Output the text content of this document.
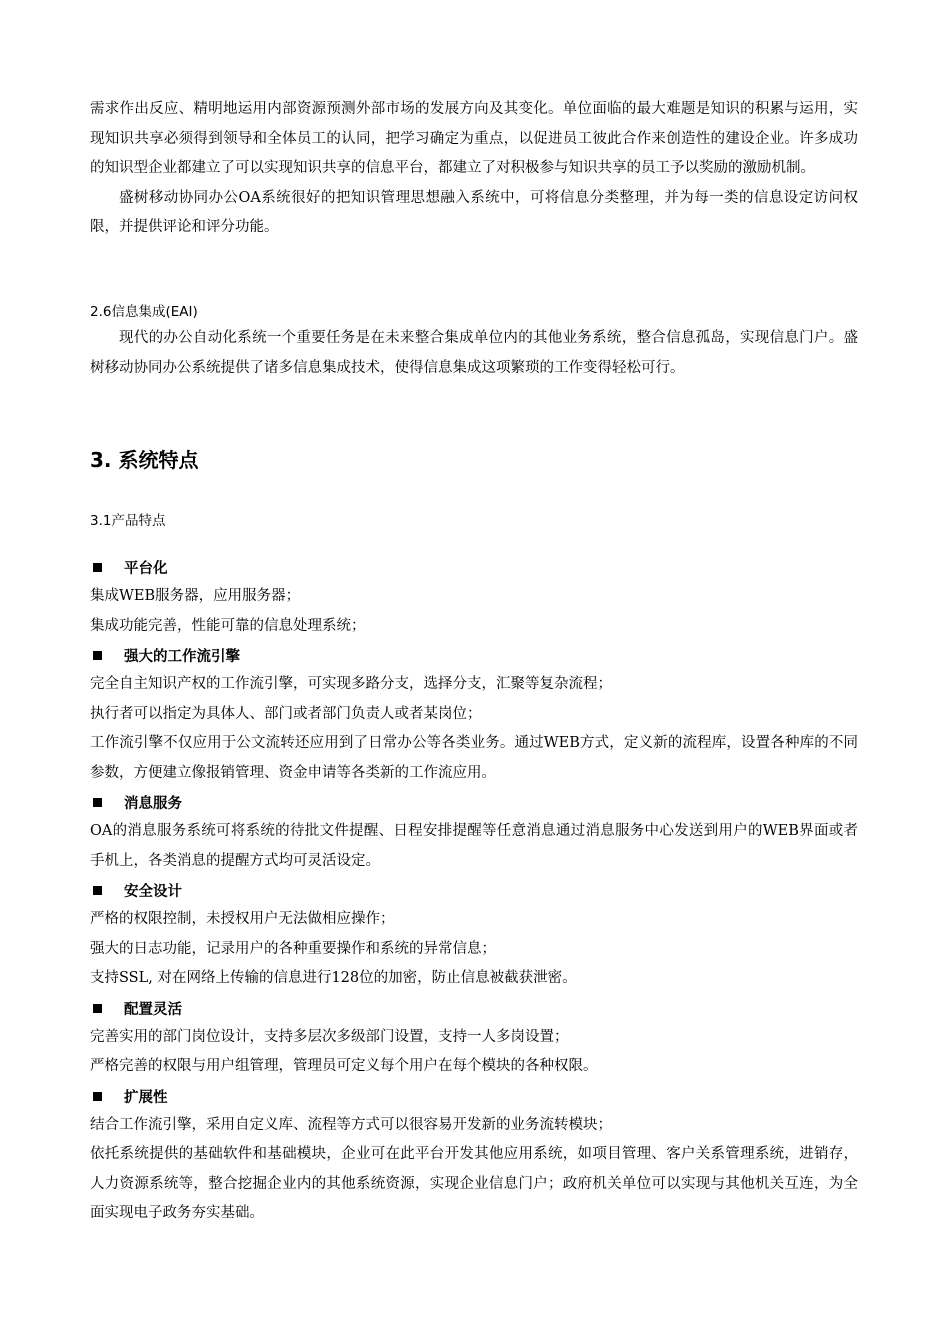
需求作出反应、精明地运用内部资源预测外部市场的发展方向及其变化。单位面临的最大难题是知识的积累与运用，实现知识共享必须得到领导和全体员工的认同，把学习确定为重点，以促进员工彼此合作来创造性的建设企业。许多成功的知识型企业都建立了可以实现知识共享的信息平台，都建立了对积极参与知识共享的员工予以奖励的激励机制。

盛树移动协同办公OA系统很好的把知识管理思想融入系统中，可将信息分类整理，并为每一类的信息设定访问权限，并提供评论和评分功能。

2.6信息集成(EAI)

现代的办公自动化系统一个重要任务是在未来整合集成单位内的其他业务系统，整合信息孤岛，实现信息门户。盛树移动协同办公系统提供了诸多信息集成技术，使得信息集成这项繁琐的工作变得轻松可行。

3. 系统特点
3.1产品特点
平台化

集成WEB服务器，应用服务器；

集成功能完善，性能可靠的信息处理系统；

强大的工作流引擎

完全自主知识产权的工作流引擎，可实现多路分支，选择分支，汇聚等复杂流程；

执行者可以指定为具体人、部门或者部门负责人或者某岗位；

工作流引擎不仅应用于公文流转还应用到了日常办公等各类业务。通过WEB方式，定义新的流程库，设置各种库的不同参数，方便建立像报销管理、资金申请等各类新的工作流应用。

消息服务

OA的消息服务系统可将系统的待批文件提醒、日程安排提醒等任意消息通过消息服务中心发送到用户的WEB界面或者手机上，各类消息的提醒方式均可灵活设定。

安全设计

严格的权限控制，未授权用户无法做相应操作；

强大的日志功能，记录用户的各种重要操作和系统的异常信息；

支持SSL, 对在网络上传输的信息进行128位的加密，防止信息被截获泄密。

配置灵活

完善实用的部门岗位设计，支持多层次多级部门设置，支持一人多岗设置；

严格完善的权限与用户组管理，管理员可定义每个用户在每个模块的各种权限。

扩展性

结合工作流引擎，采用自定义库、流程等方式可以很容易开发新的业务流转模块；

依托系统提供的基础软件和基础模块，企业可在此平台开发其他应用系统，如项目管理、客户关系管理系统，进销存，人力资源系统等，整合挖掘企业内的其他系统资源，实现企业信息门户；政府机关单位可以实现与其他机关互连，为全面实现电子政务夯实基础。
